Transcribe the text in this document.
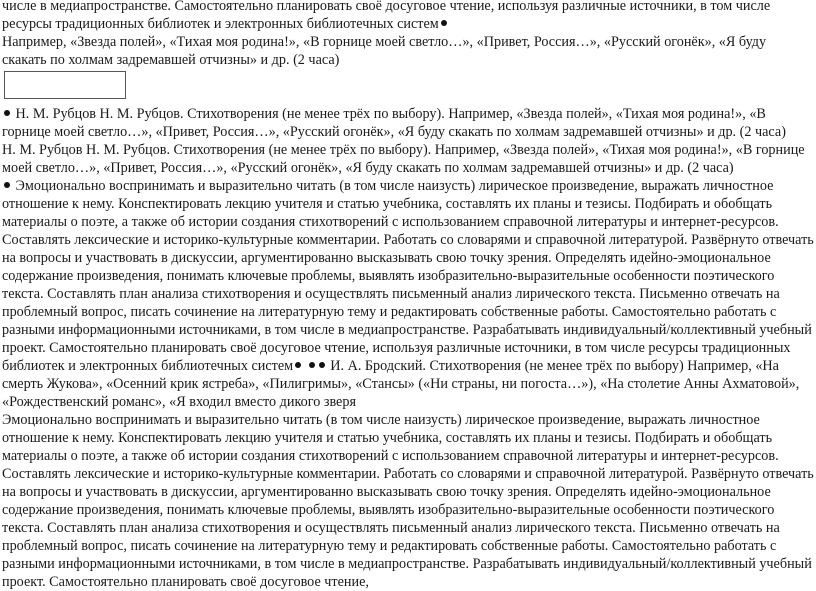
числе в медиапространстве. Самостоятельно планировать своё досуговое чтение, используя различные источники, в том числе ресурсы традиционных библиотек и электронных библиотечных систем

Например, «Звезда полей», «Тихая моя родина!», «В горнице моей светло…», «Привет, Россия…», «Русский огонёк», «Я буду скакать по холмам задремавшей отчизны» и др. (2 часа)

Н. М. Рубцов Н. М. Рубцов. Стихотворения (не менее трёх по выбору). Например, «Звезда полей», «Тихая моя родина!», «В горнице моей светло…», «Привет, Россия…», «Русский огонёк», «Я буду скакать по холмам задремавшей отчизны» и др. (2 часа)

Н. М. Рубцов Н. М. Рубцов. Стихотворения (не менее трёх по выбору). Например, «Звезда полей», «Тихая моя родина!», «В горнице моей светло…», «Привет, Россия…», «Русский огонёк», «Я буду скакать по холмам задремавшей отчизны» и др. (2 часа)

Эмоционально воспринимать и выразительно читать (в том числе наизусть) лирическое произведение, выражать личностное отношение к нему. Конспектировать лекцию учителя и статью учебника, составлять их планы и тезисы. Подбирать и обобщать материалы о поэте, а также об истории создания стихотворений с использованием справочной литературы и интернет-ресурсов. Составлять лексические и историко-культурные комментарии. Работать со словарями и справочной литературой. Развёрнуто отвечать на вопросы и участвовать в дискуссии, аргументированно высказывать свою точку зрения. Определять идейно-эмоциональное содержание произведения, понимать ключевые проблемы, выявлять изобразительно-выразительные особенности поэтического текста. Составлять план анализа стихотворения и осуществлять письменный анализ лирического текста. Письменно отвечать на проблемный вопрос, писать сочинение на литературную тему и редактировать собственные работы. Самостоятельно работать с разными информационными источниками, в том числе в медиапространстве. Разрабатывать индивидуальный/коллективный учебный проект. Самостоятельно планировать своё досуговое чтение, используя различные источники, в том числе ресурсы традиционных библиотек и электронных библиотечных систем  И. А. Бродский. Стихотворения (не менее трёх по выбору) Например, «На смерть Жукова», «Осенний крик ястреба», «Пилигримы», «Стансы» («Ни страны, ни погоста…»), «На столетие Анны Ахматовой», «Рождественский романс», «Я входил вместо дикого зверя

Эмоционально воспринимать и выразительно читать (в том числе наизусть) лирическое произведение, выражать личностное отношение к нему. Конспектировать лекцию учителя и статью учебника, составлять их планы и тезисы. Подбирать и обобщать материалы о поэте, а также об истории создания стихотворений с использованием справочной литературы и интернет-ресурсов. Составлять лексические и историко-культурные комментарии. Работать со словарями и справочной литературой. Развёрнуто отвечать на вопросы и участвовать в дискуссии, аргументированно высказывать свою точку зрения. Определять идейно-эмоциональное содержание произведения, понимать ключевые проблемы, выявлять изобразительно-выразительные особенности поэтического текста. Составлять план анализа стихотворения и осуществлять письменный анализ лирического текста. Письменно отвечать на проблемный вопрос, писать сочинение на литературную тему и редактировать собственные работы. Самостоятельно работать с разными информационными источниками, в том числе в медиапространстве. Разрабатывать индивидуальный/коллективный учебный проект. Самостоятельно планировать своё досуговое чтение,
